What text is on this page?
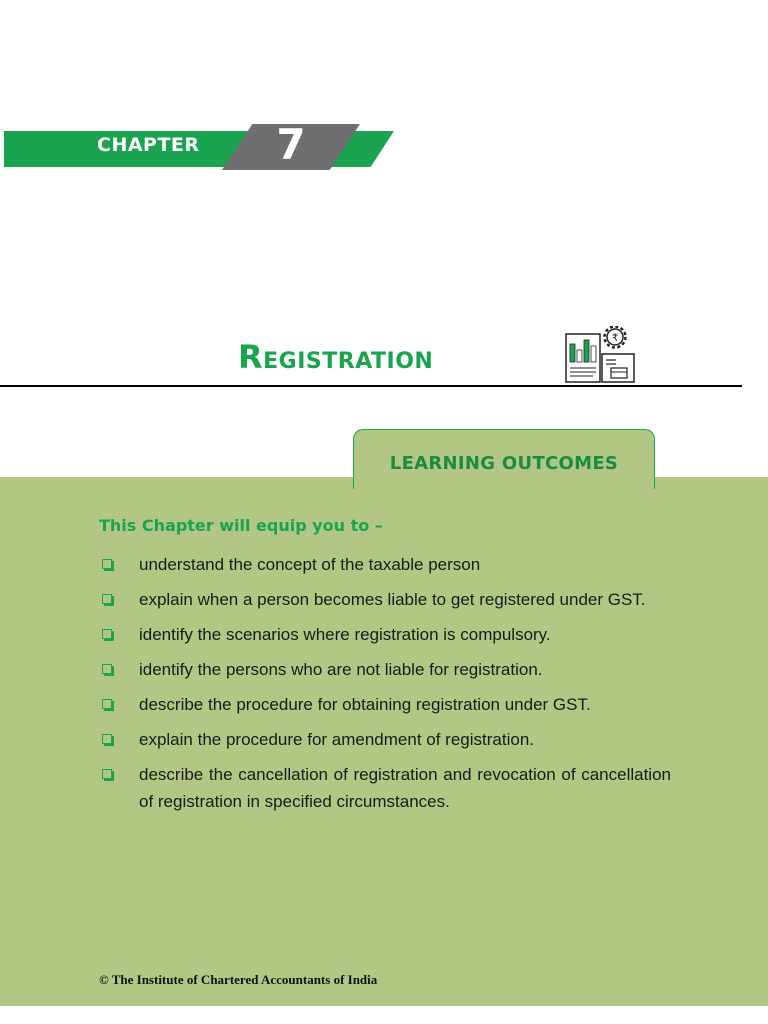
CHAPTER	7
Registration	₹
LEARNING OUTCOMES

This Chapter will equip you to –

understand the concept of the taxable person
explain when a person becomes liable to get registered under GST.
identify the scenarios where registration is compulsory.
identify the persons who are not liable for registration.
describe the procedure for obtaining registration under GST.
explain the procedure for amendment of registration.
describe the cancellation of registration and revocation of cancellation of registration in specified circumstances.

© The Institute of Chartered Accountants of India
